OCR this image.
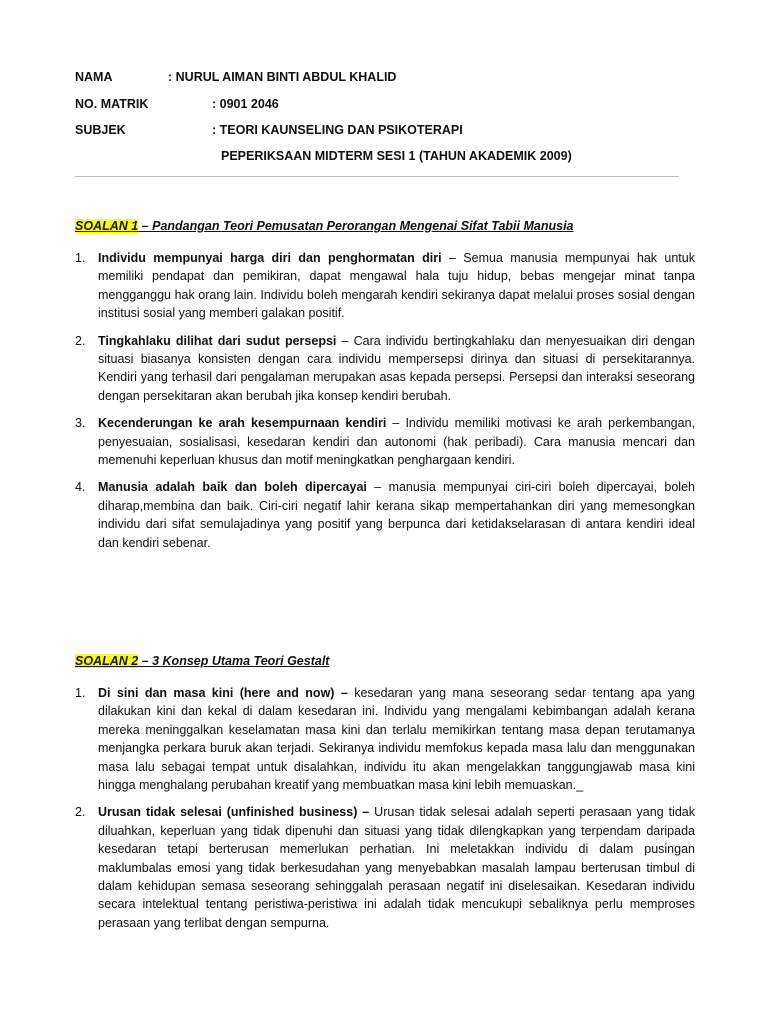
NAMA	: NURUL AIMAN BINTI ABDUL KHALID
NO. MATRIK	: 0901 2046
SUBJEK	: TEORI KAUNSELING DAN PSIKOTERAPI
PEPERIKSAAN MIDTERM SESI 1 (TAHUN AKADEMIK 2009)
SOALAN 1 – Pandangan Teori Pemusatan Perorangan Mengenai Sifat Tabii Manusia
1. Individu mempunyai harga diri dan penghormatan diri – Semua manusia mempunyai hak untuk memiliki pendapat dan pemikiran, dapat mengawal hala tuju hidup, bebas mengejar minat tanpa mengganggu hak orang lain. Individu boleh mengarah kendiri sekiranya dapat melalui proses sosial dengan institusi sosial yang memberi galakan positif.
2. Tingkahlaku dilihat dari sudut persepsi – Cara individu bertingkahlaku dan menyesuaikan diri dengan situasi biasanya konsisten dengan cara individu mempersepsi dirinya dan situasi di persekitarannya. Kendiri yang terhasil dari pengalaman merupakan asas kepada persepsi. Persepsi dan interaksi seseorang dengan persekitaran akan berubah jika konsep kendiri berubah.
3. Kecenderungan ke arah kesempurnaan kendiri – Individu memiliki motivasi ke arah perkembangan, penyesuaian, sosialisasi, kesedaran kendiri dan autonomi (hak peribadi). Cara manusia mencari dan memenuhi keperluan khusus dan motif meningkatkan penghargaan kendiri.
4. Manusia adalah baik dan boleh dipercayai – manusia mempunyai ciri-ciri boleh dipercayai, boleh diharap,membina dan baik. Ciri-ciri negatif lahir kerana sikap mempertahankan diri yang memesongkan individu dari sifat semulajadinya yang positif yang berpunca dari ketidakselarasan di antara kendiri ideal dan kendiri sebenar.
SOALAN 2 – 3 Konsep Utama Teori Gestalt
1. Di sini dan masa kini (here and now) – kesedaran yang mana seseorang sedar tentang apa yang dilakukan kini dan kekal di dalam kesedaran ini. Individu yang mengalami kebimbangan adalah kerana mereka meninggalkan keselamatan masa kini dan terlalu memikirkan tentang masa depan terutamanya menjangka perkara buruk akan terjadi. Sekiranya individu memfokus kepada masa lalu dan menggunakan masa lalu sebagai tempat untuk disalahkan, individu itu akan mengelakkan tanggungjawab masa kini hingga menghalang perubahan kreatif yang membuatkan masa kini lebih memuaskan._
2. Urusan tidak selesai (unfinished business) – Urusan tidak selesai adalah seperti perasaan yang tidak diluahkan, keperluan yang tidak dipenuhi dan situasi yang tidak dilengkapkan yang terpendam daripada kesedaran tetapi berterusan memerlukan perhatian. Ini meletakkan individu di dalam pusingan maklumbalas emosi yang tidak berkesudahan yang menyebabkan masalah lampau berterusan timbul di dalam kehidupan semasa seseorang sehinggalah perasaan negatif ini diselesaikan. Kesedaran individu secara intelektual tentang peristiwa-peristiwa ini adalah tidak mencukupi sebaliknya perlu memproses perasaan yang terlibat dengan sempurna.
